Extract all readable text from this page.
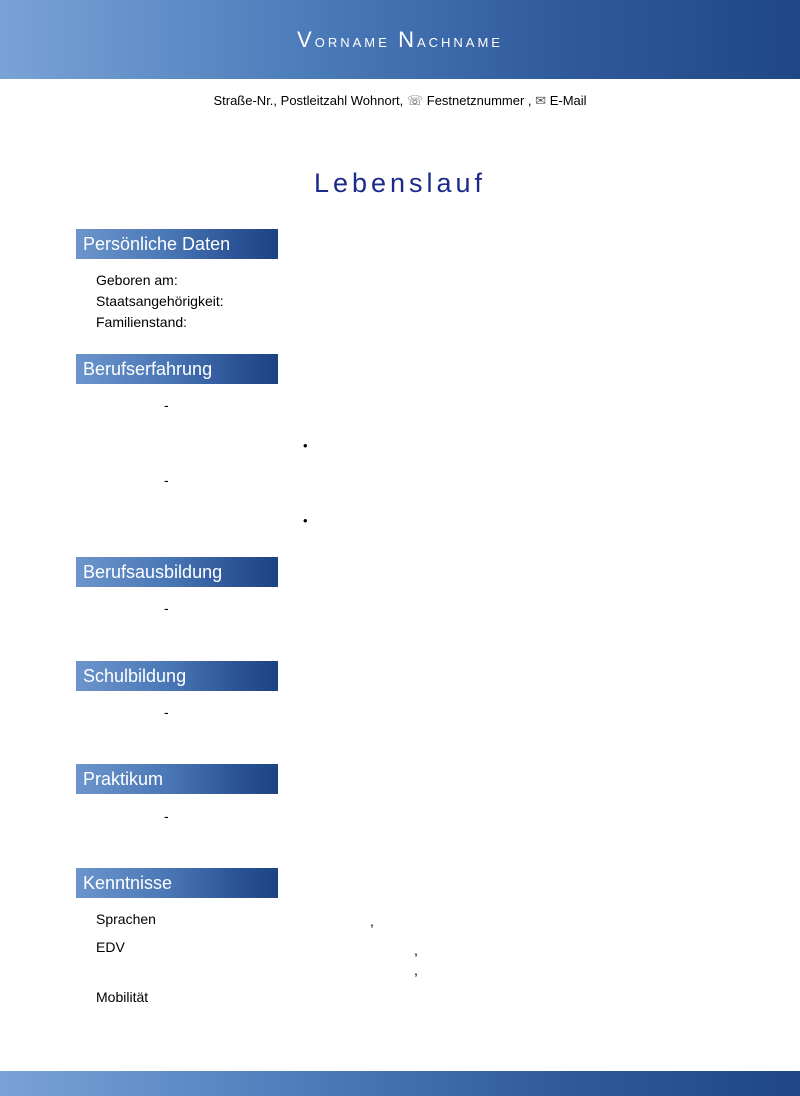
Vorname Nachname
Straße-Nr., Postleitzahl Wohnort, ☏ Festnetznummer , ✉ E-Mail
Lebenslauf
Persönliche Daten
Geboren am:
Staatsangehörigkeit:
Familienstand:
Berufserfahrung
-
•
-
•
Berufsausbildung
-
Schulbildung
-
Praktikum
-
Kenntnisse
Sprachen	,
EDV	,
,
Mobilität
